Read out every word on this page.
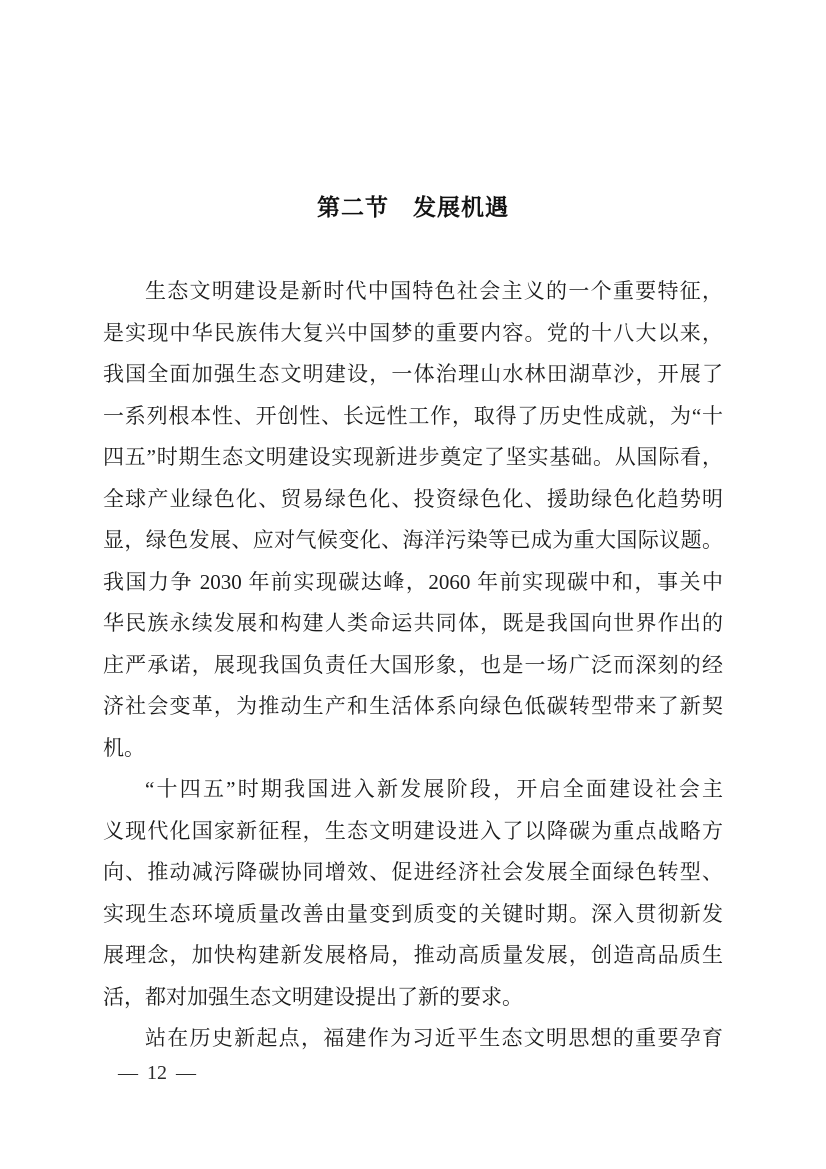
第二节　发展机遇
生态文明建设是新时代中国特色社会主义的一个重要特征，
是实现中华民族伟大复兴中国梦的重要内容。党的十八大以来，
我国全面加强生态文明建设，一体治理山水林田湖草沙，开展了
一系列根本性、开创性、长远性工作，取得了历史性成就，为“十
四五”时期生态文明建设实现新进步奠定了坚实基础。从国际看，
全球产业绿色化、贸易绿色化、投资绿色化、援助绿色化趋势明
显，绿色发展、应对气候变化、海洋污染等已成为重大国际议题。
我国力争 2030 年前实现碳达峰，2060 年前实现碳中和，事关中
华民族永续发展和构建人类命运共同体，既是我国向世界作出的
庄严承诺，展现我国负责任大国形象，也是一场广泛而深刻的经
济社会变革，为推动生产和生活体系向绿色低碳转型带来了新契
机。
“十四五”时期我国进入新发展阶段，开启全面建设社会主
义现代化国家新征程，生态文明建设进入了以降碳为重点战略方
向、推动减污降碳协同增效、促进经济社会发展全面绿色转型、
实现生态环境质量改善由量变到质变的关键时期。深入贯彻新发
展理念，加快构建新发展格局，推动高质量发展，创造高品质生
活，都对加强生态文明建设提出了新的要求。
站在历史新起点，福建作为习近平生态文明思想的重要孕育
— 12 —
